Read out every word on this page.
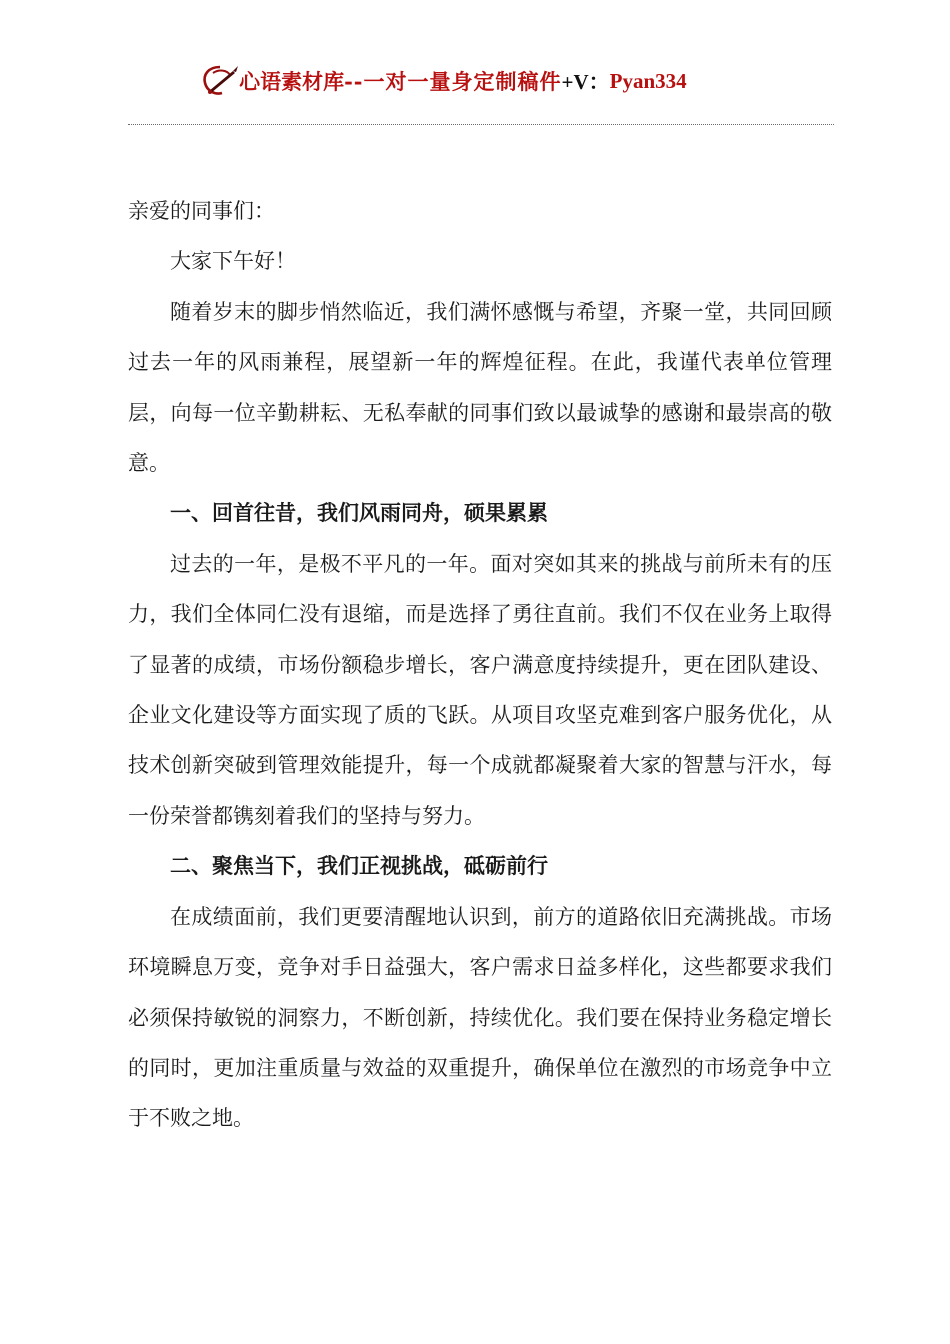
心语素材库--一对一量身定制稿件+V：Pyan334

亲爱的同事们：

大家下午好！

随着岁末的脚步悄然临近，我们满怀感慨与希望，齐聚一堂，共同回顾过去一年的风雨兼程，展望新一年的辉煌征程。在此，我谨代表单位管理层，向每一位辛勤耕耘、无私奉献的同事们致以最诚挚的感谢和最崇高的敬意。

一、回首往昔，我们风雨同舟，硕果累累

过去的一年，是极不平凡的一年。面对突如其来的挑战与前所未有的压力，我们全体同仁没有退缩，而是选择了勇往直前。我们不仅在业务上取得了显著的成绩，市场份额稳步增长，客户满意度持续提升，更在团队建设、企业文化建设等方面实现了质的飞跃。从项目攻坚克难到客户服务优化，从技术创新突破到管理效能提升，每一个成就都凝聚着大家的智慧与汗水，每一份荣誉都镌刻着我们的坚持与努力。

二、聚焦当下，我们正视挑战，砥砺前行

在成绩面前，我们更要清醒地认识到，前方的道路依旧充满挑战。市场环境瞬息万变，竞争对手日益强大，客户需求日益多样化，这些都要求我们必须保持敏锐的洞察力，不断创新，持续优化。我们要在保持业务稳定增长的同时，更加注重质量与效益的双重提升，确保单位在激烈的市场竞争中立于不败之地。
